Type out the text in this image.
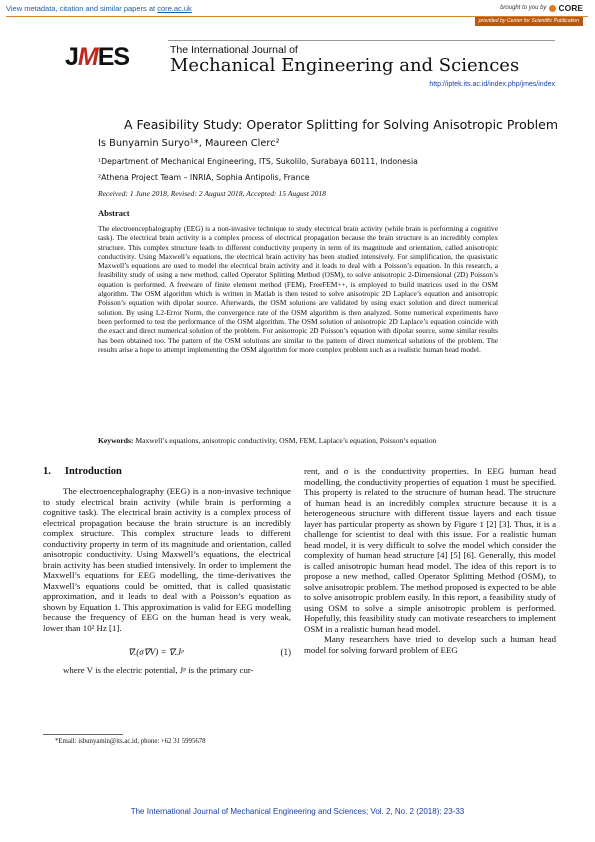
View metadata, citation and similar papers at core.ac.uk	brought to you by CORE
provided by Center for Scientific Publication
JMES	The International Journal of
Mechanical Engineering and Sciences
http://iptek.its.ac.id/index.php/jmes/index
A Feasibility Study: Operator Splitting for Solving Anisotropic Problem
Is Bunyamin Suryo¹*, Maureen Clerc²
¹Department of Mechanical Engineering, ITS, Sukolilo, Surabaya 60111, Indonesia
²Athena Project Team – INRIA, Sophia Antipolis, France
Received: 1 June 2018, Revised: 2 August 2018, Accepted: 15 August 2018
Abstract
The electroencephalography (EEG) is a non-invasive technique to study electrical brain activity (while brain is performing a cognitive task). The electrical brain activity is a complex process of electrical propagation because the brain structure is an incredibly complex structure. This complex structure leads to different conductivity property in term of its magnitude and orientation, called anisotropic conductivity. Using Maxwell’s equations, the electrical brain activity has been studied intensively. For simplification, the quasistatic Maxwell’s equations are used to model the electrical brain activity and it leads to deal with a Poisson’s equation. In this research, a feasibility study of using a new method, called Operator Splitting Method (OSM), to solve anisotropic 2-Dimensional (2D) Poisson’s equation is performed. A freeware of finite element method (FEM), FreeFEM++, is employed to build matrices used in the OSM algorithm. The OSM algorithm which is written in Matlab is then tested to solve anisotropic 2D Laplace’s equation and anisotropic Poisson’s equation with dipolar source. Afterwards, the OSM solutions are validated by using exact solution and direct numerical solution. By using L2-Error Norm, the convergence rate of the OSM algorithm is then analyzed. Some numerical experiments have been performed to test the performance of the OSM algorithm. The OSM solution of anisotropic 2D Laplace’s equation coincide with the exact and direct numerical solution of the problem. For anisotropic 2D Poisson’s equation with dipolar source, some similar results has been obtained too. The pattern of the OSM solutions are similar to the pattern of direct numerical solutions of the problem. The results arise a hope to attempt implementing the OSM algorithm for more complex problem such as a realistic human head model.
Keywords: Maxwell’s equations, anisotropic conductivity, OSM, FEM, Laplace’s equation, Poisson’s equation
1. Introduction

The electroencephalography (EEG) is a non-invasive technique to study electrical brain activity (while brain is performing a cognitive task). The electrical brain activity is a complex process of electrical propagation because the brain structure is an incredibly complex structure. This complex structure leads to different conductivity property in term of its magnitude and orientation, called anisotropic conductivity. Using Maxwell’s equations, the electrical brain activity has been studied intensively. In order to implement the Maxwell’s equations for EEG modelling, the time-derivatives the Maxwell’s equations could be omitted, that is called quasistatic approximation, and it leads to deal with a Poisson’s equation as shown by Equation 1. This approximation is valid for EEG modelling because the frequency of EEG on the human head is very weak, lower than 10² Hz [1].

∇.(σ∇V) = ∇.Jᵖ	(1)

where V is the electric potential, Jᵖ is the primary cur-

rent, and σ is the conductivity properties. In EEG human head modelling, the conductivity properties of equation 1 must be specified. This property is related to the structure of human head. The structure of human head is an incredibly complex structure because it is a heterogeneous structure with different tissue layers and each tissue layer has particular property as shown by Figure 1 [2] [3]. Thus, it is a challenge for scientist to deal with this issue. For a realistic human head model, it is very difficult to solve the model which consider the complexity of human head structure [4] [5] [6]. Generally, this model is called anisotropic human head model. The idea of this report is to propose a new method, called Operator Splitting Method (OSM), to solve anisotropic problem. The method proposed is expected to be able to solve anisotropic problem easily. In this report, a feasibility study of using OSM to solve a simple anisotropic problem is performed. Hopefully, this feasibility study can motivate researchers to implement OSM in a realistic human head model.

Many researchers have tried to develop such a human head model for solving forward problem of EEG

*Email: isbunyamin@its.ac.id, phone: +62 31 5995678
The International Journal of Mechanical Engineering and Sciences; Vol. 2, No. 2 (2018): 23-33
